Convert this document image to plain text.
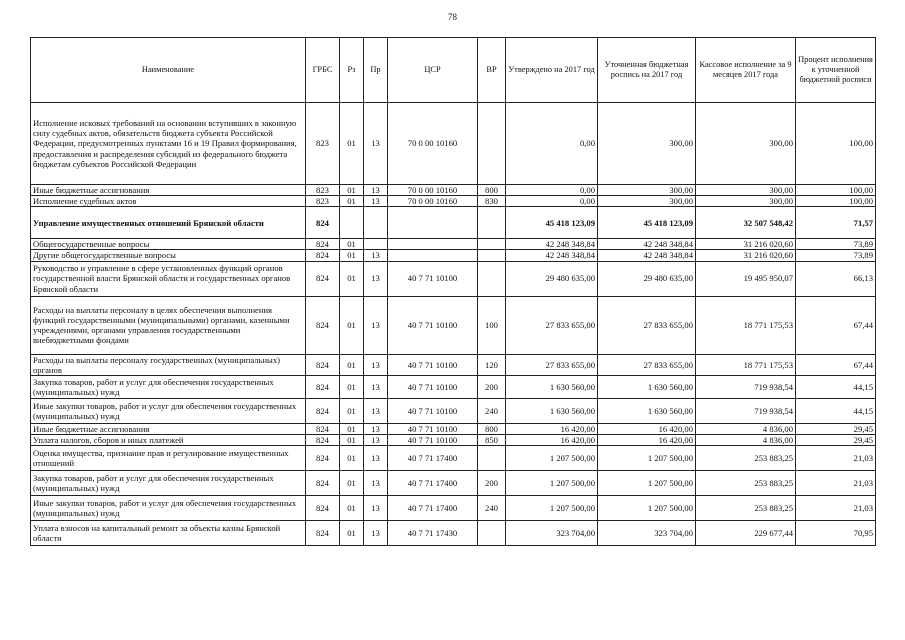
78
Наименование	ГРБС	Рз	Пр	ЦСР	ВР	Утверждено на 2017 год	Уточненная бюджетная роспись на 2017 год	Кассовое исполнение за 9 месяцев 2017 года	Процент исполнения к уточненной бюджетной росписи
Исполнение исковых требований на основании вступивших в законную силу судебных актов, обязательств бюджета субъекта Российской Федерации, предусмотренных пунктами 16 и 19 Правил формирования, предоставления и распределения субсидий из федерального бюджета бюджетам субъектов Российской Федерации	823	01	13	70 0 00 10160		0,00	300,00	300,00	100,00
Иные бюджетные ассигнования	823	01	13	70 0 00 10160	800	0,00	300,00	300,00	100,00
Исполнение судебных актов	823	01	13	70 0 00 10160	830	0,00	300,00	300,00	100,00
Управление имущественных отношений Брянской области	824					45 418 123,09	45 418 123,09	32 507 548,42	71,57
Общегосударственные вопросы	824	01				42 248 348,84	42 248 348,84	31 216 020,60	73,89
Другие общегосударственные вопросы	824	01	13			42 248 348,84	42 248 348,84	31 216 020,60	73,89
Руководство и управление в сфере установленных функций органов государственной власти Брянской области и государственных органов Брянской области	824	01	13	40 7 71 10100		29 480 635,00	29 480 635,00	19 495 950,07	66,13
Расходы на выплаты персоналу в целях обеспечения выполнения функций государственными (муниципальными) органами, казенными учреждениями, органами управления государственными внебюджетными фондами	824	01	13	40 7 71 10100	100	27 833 655,00	27 833 655,00	18 771 175,53	67,44
Расходы на выплаты персоналу государственных (муниципальных) органов	824	01	13	40 7 71 10100	120	27 833 655,00	27 833 655,00	18 771 175,53	67,44
Закупка товаров, работ и услуг для обеспечения государственных (муниципальных) нужд	824	01	13	40 7 71 10100	200	1 630 560,00	1 630 560,00	719 938,54	44,15
Иные закупки товаров, работ и услуг для обеспечения государственных (муниципальных) нужд	824	01	13	40 7 71 10100	240	1 630 560,00	1 630 560,00	719 938,54	44,15
Иные бюджетные ассигнования	824	01	13	40 7 71 10100	800	16 420,00	16 420,00	4 836,00	29,45
Уплата налогов, сборов и иных платежей	824	01	13	40 7 71 10100	850	16 420,00	16 420,00	4 836,00	29,45
Оценка имущества, признание прав и регулирование имущественных отношений	824	01	13	40 7 71 17400		1 207 500,00	1 207 500,00	253 883,25	21,03
Закупка товаров, работ и услуг для обеспечения государственных (муниципальных) нужд	824	01	13	40 7 71 17400	200	1 207 500,00	1 207 500,00	253 883,25	21,03
Иные закупки товаров, работ и услуг для обеспечения государственных (муниципальных) нужд	824	01	13	40 7 71 17400	240	1 207 500,00	1 207 500,00	253 883,25	21,03
Уплата взносов на капитальный ремонт за объекты казны Брянской области	824	01	13	40 7 71 17430		323 704,00	323 704,00	229 677,44	70,95
